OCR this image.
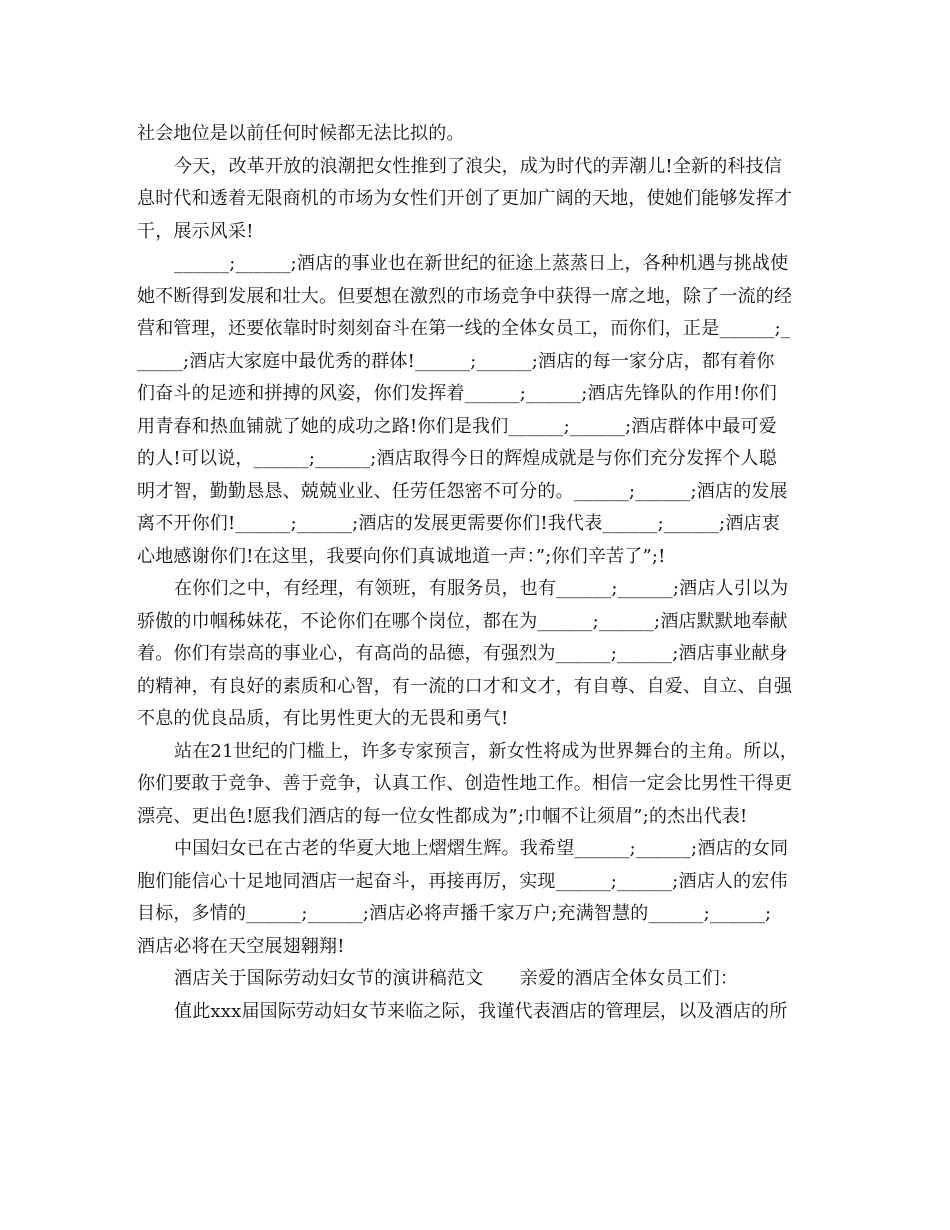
社会地位是以前任何时候都无法比拟的。
今天，改革开放的浪潮把女性推到了浪尖，成为时代的弄潮儿!全新的科技信
息时代和透着无限商机的市场为女性们开创了更加广阔的天地，使她们能够发挥才
干，展示风采!
______;______;酒店的事业也在新世纪的征途上蒸蒸日上，各种机遇与挑战使
她不断得到发展和壮大。但要想在激烈的市场竞争中获得一席之地，除了一流的经
营和管理，还要依靠时时刻刻奋斗在第一线的全体女员工，而你们，正是______;_
_____;酒店大家庭中最优秀的群体!______;______;酒店的每一家分店，都有着你
们奋斗的足迹和拼搏的风姿，你们发挥着______;______;酒店先锋队的作用!你们
用青春和热血铺就了她的成功之路!你们是我们______;______;酒店群体中最可爱
的人!可以说，______;______;酒店取得今日的辉煌成就是与你们充分发挥个人聪
明才智，勤勤恳恳、兢兢业业、任劳任怨密不可分的。______;______;酒店的发展
离不开你们!______;______;酒店的发展更需要你们!我代表______;______;酒店衷
心地感谢你们!在这里，我要向你们真诚地道一声：”;你们辛苦了”;!
在你们之中，有经理，有领班，有服务员，也有______;______;酒店人引以为
骄傲的巾帼秭妹花，不论你们在哪个岗位，都在为______;______;酒店默默地奉献
着。你们有崇高的事业心，有高尚的品德，有强烈为______;______;酒店事业献身
的精神，有良好的素质和心智，有一流的口才和文才，有自尊、自爱、自立、自强
不息的优良品质，有比男性更大的无畏和勇气!
站在21世纪的门槛上，许多专家预言，新女性将成为世界舞台的主角。所以，
你们要敢于竞争、善于竞争，认真工作、创造性地工作。相信一定会比男性干得更
漂亮、更出色!愿我们酒店的每一位女性都成为”;巾帼不让须眉”;的杰出代表!
中国妇女已在古老的华夏大地上熠熠生辉。我希望______;______;酒店的女同
胞们能信心十足地同酒店一起奋斗，再接再厉，实现______;______;酒店人的宏伟
目标，多情的______;______;酒店必将声播千家万户;充满智慧的______;______;
酒店必将在天空展翅翱翔!
酒店关于国际劳动妇女节的演讲稿范文　　亲爱的酒店全体女员工们：
值此xxx届国际劳动妇女节来临之际，我谨代表酒店的管理层，以及酒店的所
